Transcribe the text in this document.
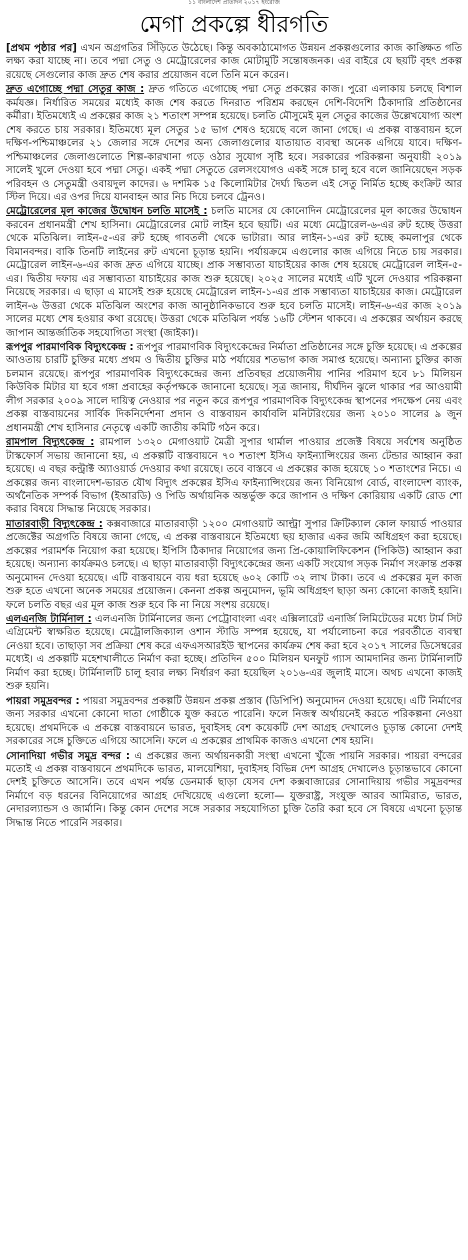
১১ বাংলাদেশ প্রতিদিন ২০১৭ ইংরেজি
মেগা প্রকল্পে ধীরগতি

[প্রথম পৃষ্ঠার পর] এখন অগ্রগতির সিঁড়িতে উঠেছে। কিন্তু অবকাঠামোগত উন্নয়ন প্রকল্পগুলোর কাজ কাঙ্ক্ষিত গতি লক্ষ্য করা যাচ্ছে না। তবে পদ্মা সেতু ও মেট্রোরেলের কাজ মোটামুটি সন্তোষজনক। এর বাইরে যে ছয়টি বৃহৎ প্রকল্প রয়েছে সেগুলোর কাজ দ্রুত শেষ করার প্রয়োজন বলে তিনি মনে করেন।

দ্রুত এগোচ্ছে পদ্মা সেতুর কাজ : দ্রুত গতিতে এগোচ্ছে পদ্মা সেতু প্রকল্পের কাজ। পুরো এলাকায় চলছে বিশাল কর্মযজ্ঞ। নির্ধারিত সময়ের মধ্যেই কাজ শেষ করতে দিনরাত পরিশ্রম করছেন দেশি-বিদেশি ঠিকাদারি প্রতিষ্ঠানের কর্মীরা। ইতিমধ্যেই এ প্রকল্পের কাজ ২১ শতাংশ সম্পন্ন হয়েছে। চলতি মৌসুমেই মূল সেতুর কাজের উল্লেখযোগ্য অংশ শেষ করতে চায় সরকার। ইতিমধ্যে মূল সেতুর ১৫ ভাগ শেষও হয়েছে বলে জানা গেছে। এ প্রকল্প বাস্তবায়ন হলে দক্ষিণ-পশ্চিমাঞ্চলের ২১ জেলার সঙ্গে দেশের অন্য জেলাগুলোর যাতায়াত ব্যবস্থা অনেক এগিয়ে যাবে। দক্ষিণ-পশ্চিমাঞ্চলের জেলাগুলোতে শিল্প-কারখানা গড়ে ওঠার সুযোগ সৃষ্টি হবে। সরকারের পরিকল্পনা অনুযায়ী ২০১৯ সালেই খুলে দেওয়া হবে পদ্মা সেতু। একই পদ্মা সেতুতে রেলসংযোগও একই সঙ্গে চালু হবে বলে জানিয়েছেন সড়ক পরিবহন ও সেতুমন্ত্রী ওবায়দুল কাদের। ৬ দশমিক ১৫ কিলোমিটার দৈর্ঘ্য দ্বিতল এই সেতু নির্মিত হচ্ছে কংক্রিট আর স্টিল দিয়ে। এর ওপর দিয়ে যানবাহন আর নিচ দিয়ে চলবে ট্রেনও।

মেট্রোরেলের মূল কাজের উদ্বোধন চলতি মাসেই : চলতি মাসের যে কোনোদিন মেট্রোরেলের মূল কাজের উদ্বোধন করবেন প্রধানমন্ত্রী শেখ হাসিনা। মেট্রোরেলের মোট লাইন হবে ছয়টি। এর মধ্যে মেট্রোরেল-৬-এর রুট হচ্ছে উত্তরা থেকে মতিঝিল। লাইন-৫-এর রুট হচ্ছে গাবতলী থেকে ভাটারা। আর লাইন-১-এর রুট হচ্ছে কমলাপুর থেকে বিমানবন্দর। বাকি তিনটি লাইনের রুট এখনো চূড়ান্ত হয়নি। পর্যায়ক্রমে এগুলোর কাজ এগিয়ে নিতে চায় সরকার। মেট্রোরেল লাইন-৬-এর কাজ দ্রুত এগিয়ে যাচ্ছে। প্রাক সম্ভাব্যতা যাচাইয়ের কাজ শেষ হয়েছে মেট্রোরেল লাইন-৫-এর। দ্বিতীয় দফায় এর সম্ভাব্যতা যাচাইয়ের কাজ শুরু হয়েছে। ২০২৫ সালের মধ্যেই এটি খুলে দেওয়ার পরিকল্পনা নিয়েছে সরকার। এ ছাড়া এ মাসেই শুরু হয়েছে মেট্রোরেল লাইন-১-এর প্রাক সম্ভাব্যতা যাচাইয়ের কাজ। মেট্রোরেল লাইন-৬ উত্তরা থেকে মতিঝিল অংশের কাজ আনুষ্ঠানিকভাবে শুরু হবে চলতি মাসেই। লাইন-৬-এর কাজ ২০১৯ সালের মধ্যে শেষ হওয়ার কথা রয়েছে। উত্তরা থেকে মতিঝিল পর্যন্ত ১৬টি স্টেশন থাকবে। এ প্রকল্পের অর্থায়ন করছে জাপান আন্তর্জাতিক সহযোগিতা সংস্থা (জাইকা)।

রূপপুর পারমাণবিক বিদ্যুৎকেন্দ্র : রূপপুর পারমাণবিক বিদ্যুৎকেন্দ্রের নির্মাতা প্রতিষ্ঠানের সঙ্গে চুক্তি হয়েছে। এ প্রকল্পের আওতায় চারটি চুক্তির মধ্যে প্রথম ও দ্বিতীয় চুক্তির মাঠ পর্যায়ের শতভাগ কাজ সমাপ্ত হয়েছে। অন্যান্য চুক্তির কাজ চলমান রয়েছে। রূপপুর পারমাণবিক বিদ্যুৎকেন্দ্রের জন্য প্রতিবছর প্রয়োজনীয় পানির পরিমাণ হবে ৮১ মিলিয়ন কিউবিক মিটার যা হবে গঙ্গা প্রবাহের কর্তৃপক্ষকে জানানো হয়েছে। সূত্র জানায়, দীর্ঘদিন ঝুলে থাকার পর আওয়ামী লীগ সরকার ২০০৯ সালে দায়িত্ব নেওয়ার পর নতুন করে রূপপুর পারমাণবিক বিদ্যুৎকেন্দ্র স্থাপনের পদক্ষেপ নেয় এবং প্রকল্প বাস্তবায়নের সার্বিক দিকনির্দেশনা প্রদান ও বাস্তবায়ন কার্যাবলি মনিটরিংয়ের জন্য ২০১০ সালের ৯ জুন প্রধানমন্ত্রী শেখ হাসিনার নেতৃত্বে একটি জাতীয় কমিটি গঠন করে।

রামপাল বিদ্যুৎকেন্দ্র : রামপাল ১৩২০ মেগাওয়াট মৈত্রী সুপার থার্মাল পাওয়ার প্রজেক্ট বিষয়ে সর্বশেষ অনুষ্ঠিত টাস্কফোর্স সভায় জানানো হয়, এ প্রকল্পটি বাস্তবায়নে ৭০ শতাংশ ইসিএ ফাইন্যান্সিংয়ের জন্য টেন্ডার আহ্বান করা হয়েছে। এ বছর কন্ট্রাক্ট অ্যাওয়ার্ড দেওয়ার কথা রয়েছে। তবে বাস্তবে এ প্রকল্পের কাজ হয়েছে ১০ শতাংশের নিচে। এ প্রকল্পের জন্য বাংলাদেশ-ভারত যৌথ বিদ্যুৎ প্রকল্পের ইসিএ ফাইন্যান্সিংয়ের জন্য বিনিয়োগ বোর্ড, বাংলাদেশ ব্যাংক, অর্থনৈতিক সম্পর্ক বিভাগ (ইআরডি) ও পিডি অর্থায়নিক অন্তর্ভুক্ত করে জাপান ও দক্ষিণ কোরিয়ায় একটি রোড শো করার বিষয়ে সিদ্ধান্ত নিয়েছে সরকার।

মাতারবাড়ী বিদ্যুৎকেন্দ্র : কক্সবাজারে মাতারবাড়ী ১২০০ মেগাওয়াট আল্ট্রা সুপার ক্রিটিক্যাল কোল ফায়ার্ড পাওয়ার প্রজেক্টের অগ্রগতি বিষয়ে জানা গেছে, এ প্রকল্প বাস্তবায়নে ইতিমধ্যে ছয় হাজার একর জমি অধিগ্রহণ করা হয়েছে। প্রকল্পের পরামর্শক নিয়োগ করা হয়েছে। ইপিসি ঠিকাদার নিয়োগের জন্য প্রি-কোয়ালিফিকেশন (পিকিউ) আহ্বান করা হয়েছে। অন্যান্য কার্যক্রমও চলছে। এ ছাড়া মাতারবাড়ী বিদ্যুৎকেন্দ্রের জন্য একটি সংযোগ সড়ক নির্মাণ সংক্রান্ত প্রকল্প অনুমোদন দেওয়া হয়েছে। এটি বাস্তবায়নে ব্যয় ধরা হয়েছে ৬০২ কোটি ৩২ লাখ টাকা। তবে এ প্রকল্পের মূল কাজ শুরু হতে এখনো অনেক সময়ের প্রয়োজন। কেননা প্রকল্প অনুমোদন, ভূমি অধিগ্রহণ ছাড়া অন্য কোনো কাজই হয়নি। ফলে চলতি বছর এর মূল কাজ শুরু হবে কি না নিয়ে সংশয় রয়েছে।

এলএনজি টার্মিনাল : এলএনজি টার্মিনালের জন্য পেট্রোবাংলা এবং এক্সিলারেট এনার্জি লিমিটেডের মধ্যে টার্ম সিট এগ্রিমেন্ট স্বাক্ষরিত হয়েছে। মেট্রোলজিক্যাল ওশান স্টাডি সম্পন্ন হয়েছে, যা পর্যালোচনা করে পরবর্তীতে ব্যবস্থা নেওয়া হবে। তাছাড়া সব প্রক্রিয়া শেষ করে এফএসআরইউ স্থাপনের কার্যক্রম শেষ করা হবে ২০১৭ সালের ডিসেম্বরের মধ্যেই। এ প্রকল্পটি মহেশখালীতে নির্মাণ করা হচ্ছে। প্রতিদিন ৫০০ মিলিয়ন ঘনফুট গ্যাস আমদানির জন্য টার্মিনালটি নির্মাণ করা হচ্ছে। টার্মিনালটি চালু হবার লক্ষ্য নির্ধারণ করা হয়েছিল ২০১৬-এর জুলাই মাসে। অথচ এখনো কাজই শুরু হয়নি।

পায়রা সমুদ্রবন্দর : পায়রা সমুদ্রবন্দর প্রকল্পটি উন্নয়ন প্রকল্প প্রস্তাব (ডিপিপি) অনুমোদন দেওয়া হয়েছে। এটি নির্মাণের জন্য সরকার এখনো কোনো দাতা গোষ্ঠীকে যুক্ত করতে পারেনি। ফলে নিজস্ব অর্থায়নেই করতে পরিকল্পনা নেওয়া হয়েছে। প্রথমদিকে এ প্রকল্পে বাস্তবায়নে ভারত, দুবাইসহ বেশ কয়েকটি দেশ আগ্রহ দেখালেও চূড়ান্ত কোনো দেশই সরকারের সঙ্গে চুক্তিতে এগিয়ে আসেনি। ফলে এ প্রকল্পের প্রাথমিক কাজও এখনো শেষ হয়নি।

সোনাদিয়া গভীর সমুদ্র বন্দর : এ প্রকল্পের জন্য অর্থায়নকারী সংস্থা এখনো খুঁজে পায়নি সরকার। পায়রা বন্দরের মতোই এ প্রকল্প বাস্তবায়নে প্রথমদিকে ভারত, মালয়েশিয়া, দুবাইসহ বিভিন্ন দেশ আগ্রহ দেখালেও চূড়ান্তভাবে কোনো দেশই চুক্তিতে আসেনি। তবে এখন পর্যন্ত ডেনমার্ক ছাড়া যেসব দেশ কক্সবাজারের সোনাদিয়ায় গভীর সমুদ্রবন্দর নির্মাণে বড় ধরনের বিনিয়োগের আগ্রহ দেখিয়েছে এগুলো হলো— যুক্তরাষ্ট্র, সংযুক্ত আরব আমিরাত, ভারত, নেদারল্যান্ডস ও জার্মানি। কিন্তু কোন দেশের সঙ্গে সরকার সহযোগিতা চুক্তি তৈরি করা হবে সে বিষয়ে এখনো চূড়ান্ত সিদ্ধান্ত নিতে পারেনি সরকার।
